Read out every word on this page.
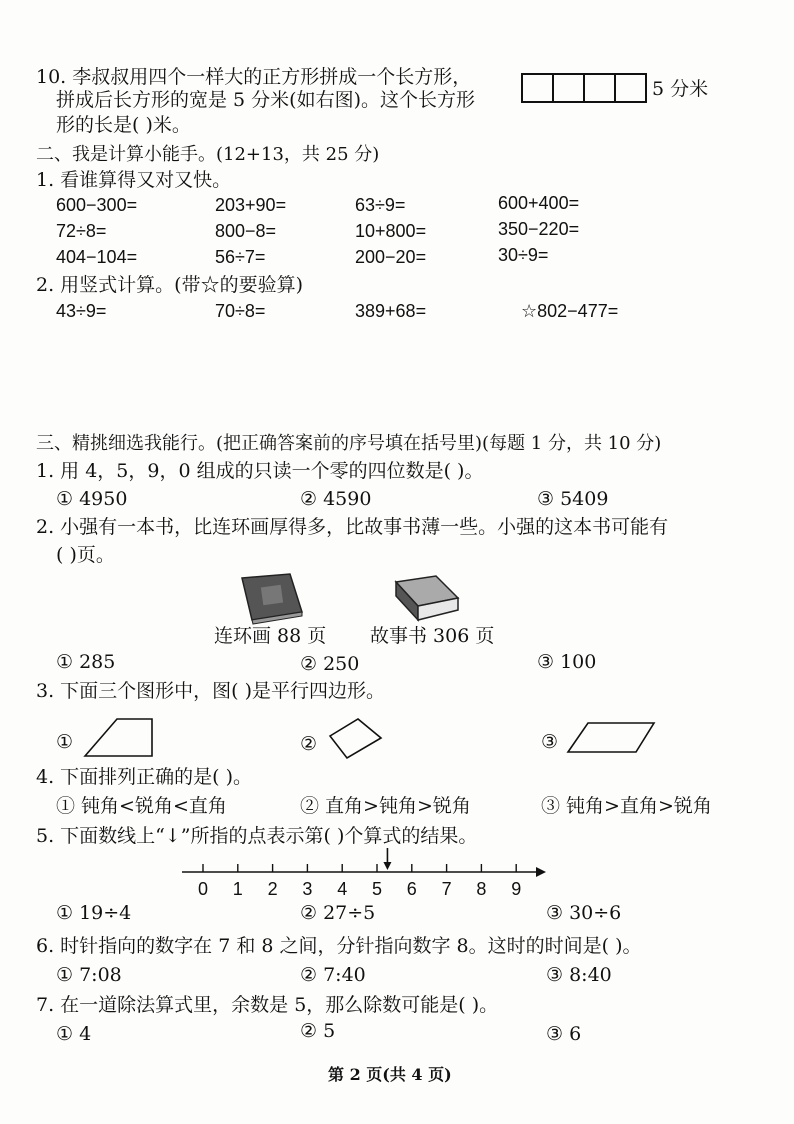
10. 李叔叔用四个一样大的正方形拼成一个长方形，
拼成后长方形的宽是 5 分米(如右图)。这个长方形
形的长是( )米。
5 分米
二、我是计算小能手。(12+13，共 25 分)
1. 看谁算得又对又快。
600−300=	203+90=	63÷9=	600+400=
72÷8=	800−8=	10+800=	350−220=
404−104=	56÷7=	200−20=	30÷9=
2. 用竖式计算。(带☆的要验算)
43÷9=	70÷8=	389+68=	☆802−477=
三、精挑细选我能行。(把正确答案前的序号填在括号里)(每题 1 分，共 10 分)
1. 用 4，5，9，0 组成的只读一个零的四位数是( )。
① 4950	② 4590	③ 5409
2. 小强有一本书，比连环画厚得多，比故事书薄一些。小强的这本书可能有
( )页。
连环画 88 页 故事书 306 页
① 285	② 250	③ 100
3. 下面三个图形中，图( )是平行四边形。
①	②	③
4. 下面排列正确的是( )。
① 钝角<锐角<直角	② 直角>钝角>锐角	③ 钝角>直角>锐角
5. 下面数线上“↓”所指的点表示第( )个算式的结果。
0 1 2 3 4 5 6 7 8 9
① 19÷4	② 27÷5	③ 30÷6
6. 时针指向的数字在 7 和 8 之间，分针指向数字 8。这时的时间是( )。
① 7:08	② 7:40	③ 8:40
7. 在一道除法算式里，余数是 5，那么除数可能是( )。
① 4	② 5	③ 6
第 2 页(共 4 页)
